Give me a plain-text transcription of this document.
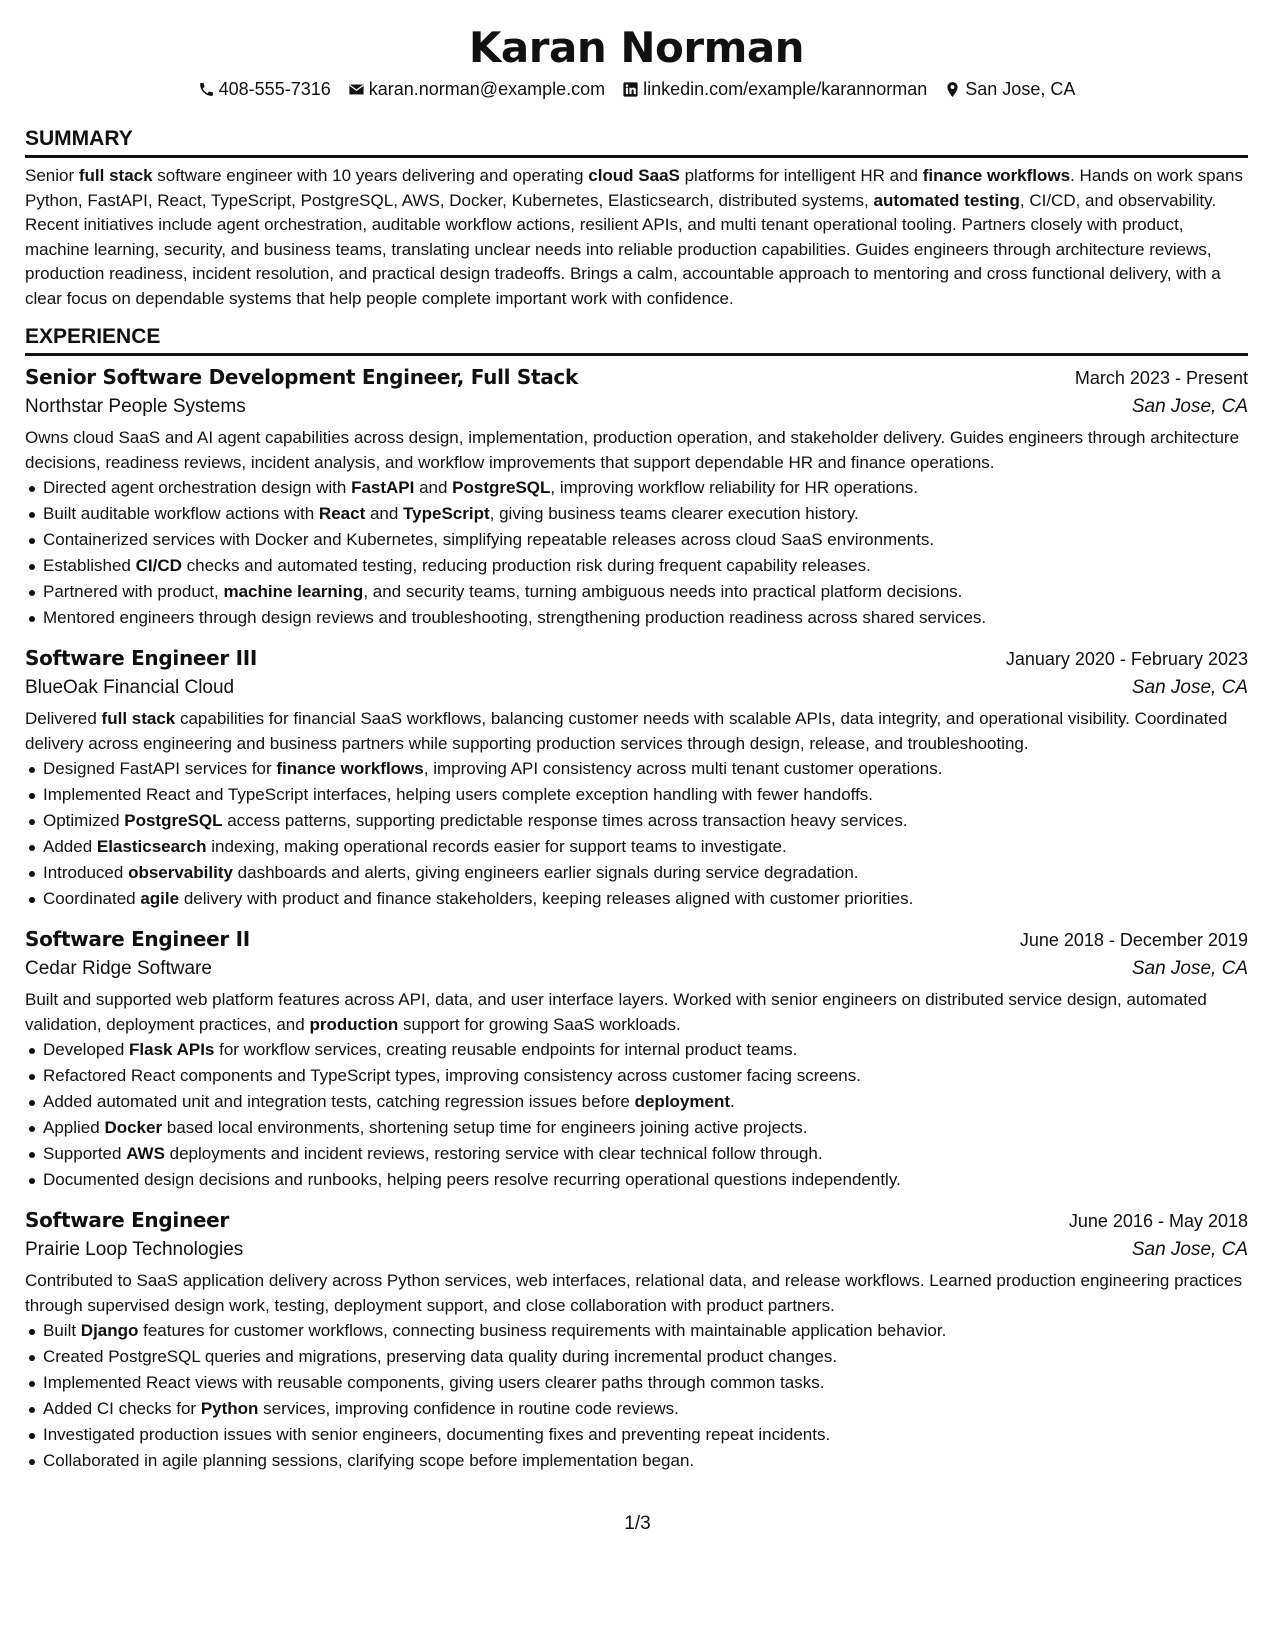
Karan Norman
408-555-7316 karan.norman@example.com linkedin.com/example/karannorman San Jose, CA
SUMMARY

Senior full stack software engineer with 10 years delivering and operating cloud SaaS platforms for intelligent HR and finance workflows. Hands on work spans Python, FastAPI, React, TypeScript, PostgreSQL, AWS, Docker, Kubernetes, Elasticsearch, distributed systems, automated testing, CI/CD, and observability. Recent initiatives include agent orchestration, auditable workflow actions, resilient APIs, and multi tenant operational tooling. Partners closely with product, machine learning, security, and business teams, translating unclear needs into reliable production capabilities. Guides engineers through architecture reviews, production readiness, incident resolution, and practical design tradeoffs. Brings a calm, accountable approach to mentoring and cross functional delivery, with a clear focus on dependable systems that help people complete important work with confidence.

EXPERIENCE
Senior Software Development Engineer, Full Stack	March 2023 - Present
Northstar People Systems	San Jose, CA

Owns cloud SaaS and AI agent capabilities across design, implementation, production operation, and stakeholder delivery. Guides engineers through architecture decisions, readiness reviews, incident analysis, and workflow improvements that support dependable HR and finance operations.

Directed agent orchestration design with FastAPI and PostgreSQL, improving workflow reliability for HR operations.
Built auditable workflow actions with React and TypeScript, giving business teams clearer execution history.
Containerized services with Docker and Kubernetes, simplifying repeatable releases across cloud SaaS environments.
Established CI/CD checks and automated testing, reducing production risk during frequent capability releases.
Partnered with product, machine learning, and security teams, turning ambiguous needs into practical platform decisions.
Mentored engineers through design reviews and troubleshooting, strengthening production readiness across shared services.
Software Engineer III	January 2020 - February 2023
BlueOak Financial Cloud	San Jose, CA

Delivered full stack capabilities for financial SaaS workflows, balancing customer needs with scalable APIs, data integrity, and operational visibility. Coordinated delivery across engineering and business partners while supporting production services through design, release, and troubleshooting.

Designed FastAPI services for finance workflows, improving API consistency across multi tenant customer operations.
Implemented React and TypeScript interfaces, helping users complete exception handling with fewer handoffs.
Optimized PostgreSQL access patterns, supporting predictable response times across transaction heavy services.
Added Elasticsearch indexing, making operational records easier for support teams to investigate.
Introduced observability dashboards and alerts, giving engineers earlier signals during service degradation.
Coordinated agile delivery with product and finance stakeholders, keeping releases aligned with customer priorities.
Software Engineer II	June 2018 - December 2019
Cedar Ridge Software	San Jose, CA

Built and supported web platform features across API, data, and user interface layers. Worked with senior engineers on distributed service design, automated validation, deployment practices, and production support for growing SaaS workloads.

Developed Flask APIs for workflow services, creating reusable endpoints for internal product teams.
Refactored React components and TypeScript types, improving consistency across customer facing screens.
Added automated unit and integration tests, catching regression issues before deployment.
Applied Docker based local environments, shortening setup time for engineers joining active projects.
Supported AWS deployments and incident reviews, restoring service with clear technical follow through.
Documented design decisions and runbooks, helping peers resolve recurring operational questions independently.
Software Engineer	June 2016 - May 2018
Prairie Loop Technologies	San Jose, CA

Contributed to SaaS application delivery across Python services, web interfaces, relational data, and release workflows. Learned production engineering practices through supervised design work, testing, deployment support, and close collaboration with product partners.

Built Django features for customer workflows, connecting business requirements with maintainable application behavior.
Created PostgreSQL queries and migrations, preserving data quality during incremental product changes.
Implemented React views with reusable components, giving users clearer paths through common tasks.
Added CI checks for Python services, improving confidence in routine code reviews.
Investigated production issues with senior engineers, documenting fixes and preventing repeat incidents.
Collaborated in agile planning sessions, clarifying scope before implementation began.
1/3
